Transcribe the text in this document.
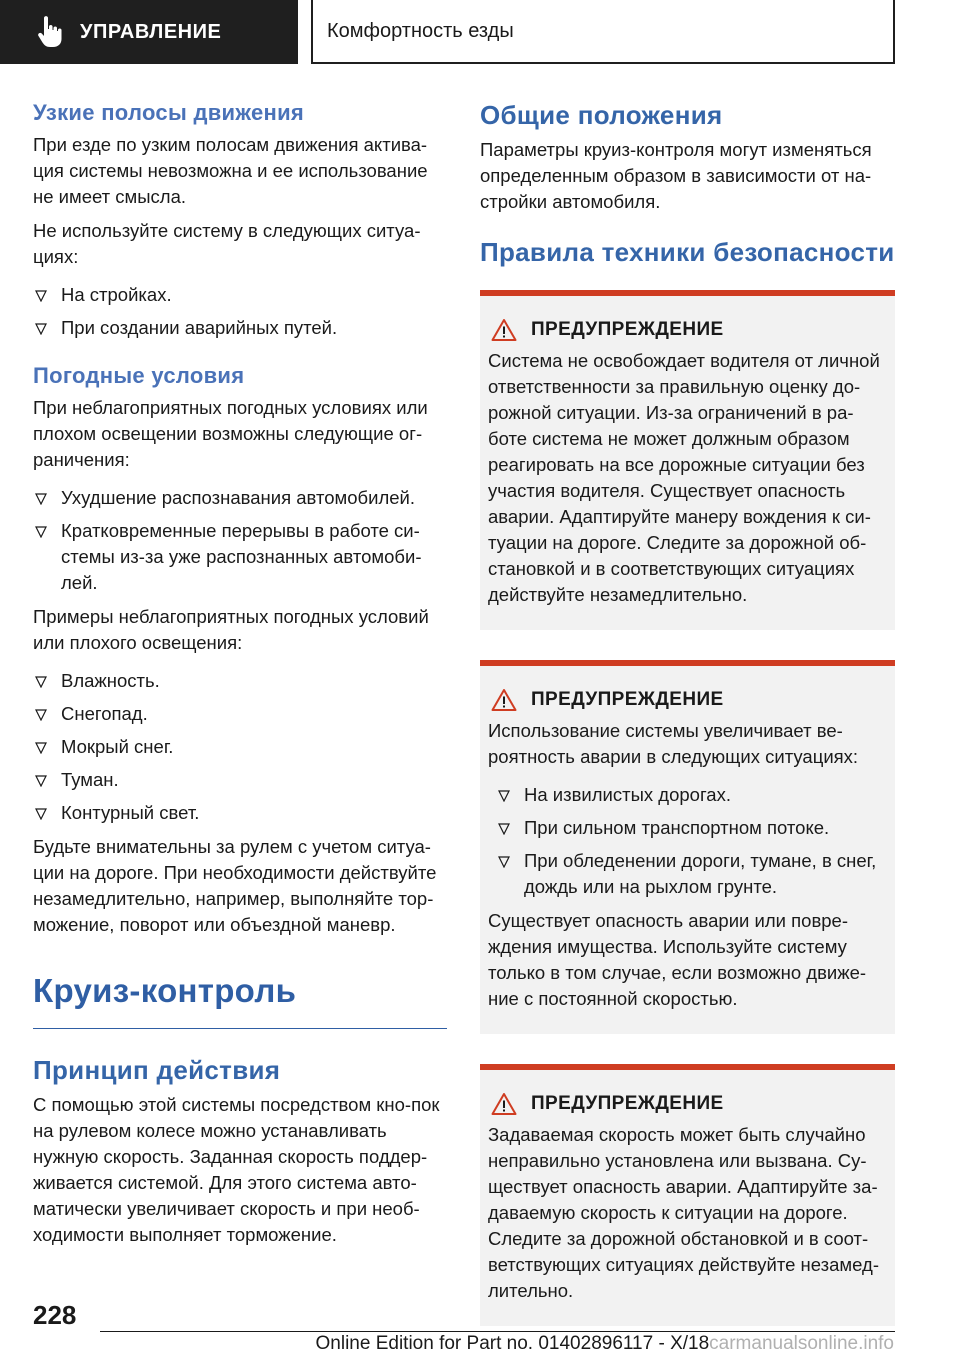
УПРАВЛЕНИЕ	Комфортность езды
Узкие полосы движения

При езде по узким полосам движения актива‐ция системы невозможна и ее использование не имеет смысла.

Не используйте систему в следующих ситуа‐циях:

На стройках.
При создании аварийных путей.
Погодные условия

При неблагоприятных погодных условиях или плохом освещении возможны следующие ог‐раничения:

Ухудшение распознавания автомобилей.
Кратковременные перерывы в работе си‐стемы из-за уже распознанных автомоби‐лей.

Примеры неблагоприятных погодных условий или плохого освещения:

Влажность.
Снегопад.
Мокрый снег.
Туман.
Контурный свет.

Будьте внимательны за рулем с учетом ситуа‐ции на дороге. При необходимости действуйте незамедлительно, например, выполняйте тор‐можение, поворот или объездной маневр.

Круиз-контроль
Принцип действия

С помощью этой системы посредством кно‐пок на рулевом колесе можно устанавливать нужную скорость. Заданная скорость поддер‐живается системой. Для этого система авто‐матически увеличивает скорость и при необ‐ходимости выполняет торможение.

Общие положения

Параметры круиз-контроля могут изменяться определенным образом в зависимости от на‐стройки автомобиля.

Правила техники безопасности
ПРЕДУПРЕЖДЕНИЕ

Система не освобождает водителя от личной ответственности за правильную оценку до‐рожной ситуации. Из-за ограничений в ра‐боте система не может должным образом реагировать на все дорожные ситуации без участия водителя. Существует опасность аварии. Адаптируйте манеру вождения к си‐туации на дороге. Следите за дорожной об‐становкой и в соответствующих ситуациях действуйте незамедлительно.

ПРЕДУПРЕЖДЕНИЕ

Использование системы увеличивает ве‐роятность аварии в следующих ситуациях:

На извилистых дорогах.
При сильном транспортном потоке.
При обледенении дороги, тумане, в снег, дождь или на рыхлом грунте.

Существует опасность аварии или повре‐ждения имущества. Используйте систему только в том случае, если возможно движе‐ние с постоянной скоростью.

ПРЕДУПРЕЖДЕНИЕ

Задаваемая скорость может быть случайно неправильно установлена или вызвана. Су‐ществует опасность аварии. Адаптируйте за‐даваемую скорость к ситуации на дороге. Следите за дорожной обстановкой и в соот‐ветствующих ситуациях действуйте незамед‐лительно.

228
Online Edition for Part no. 01402896117 - X/18carmanualsonline.info
